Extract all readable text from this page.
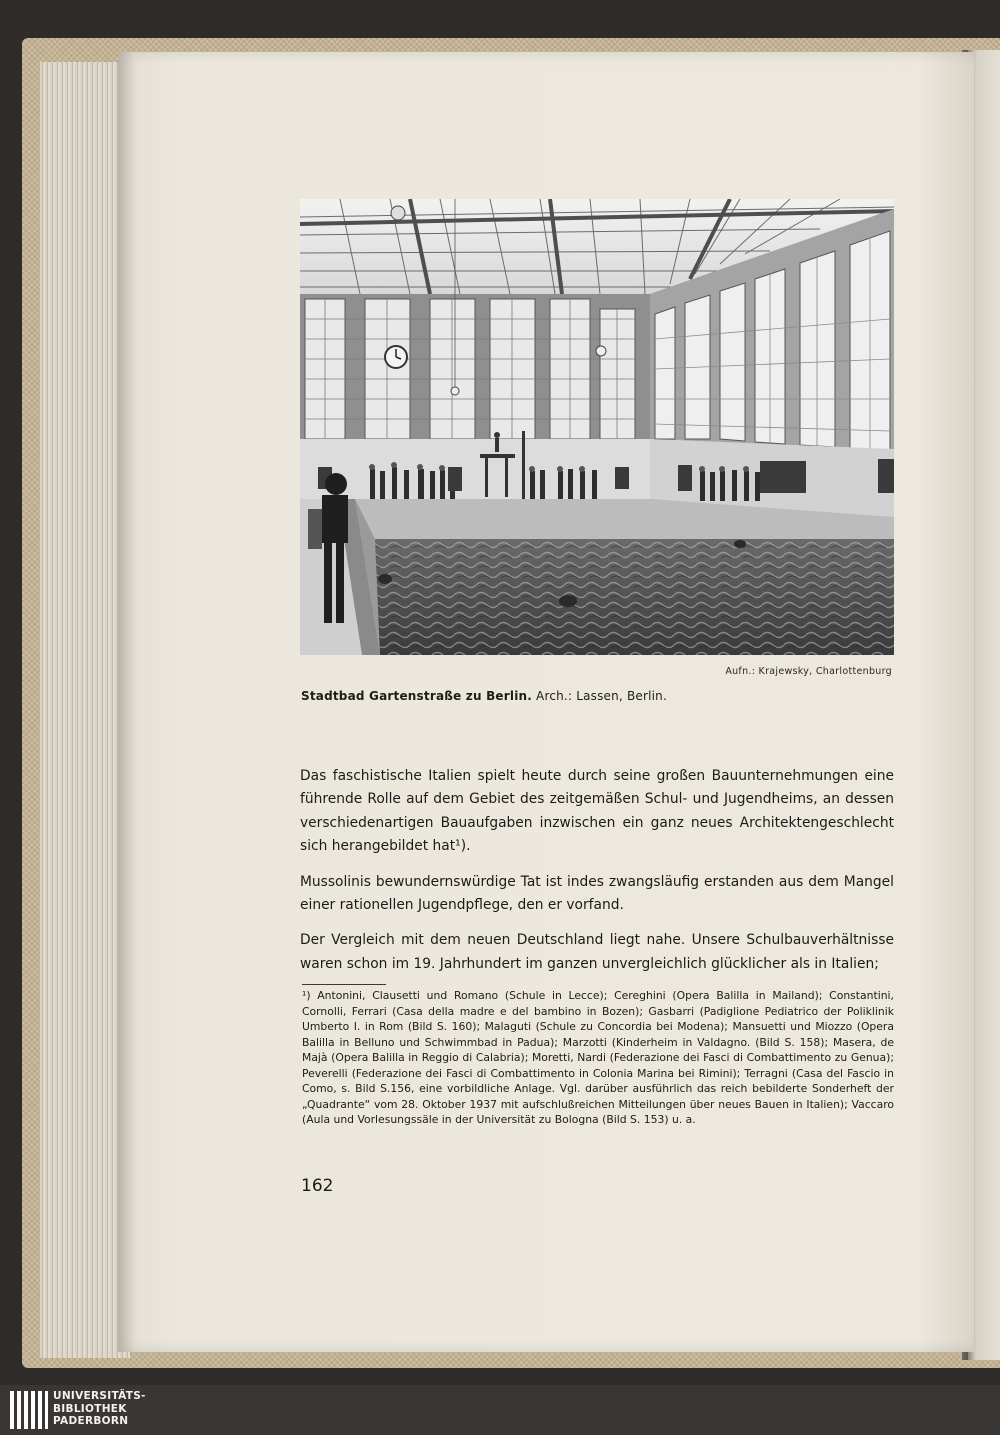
Aufn.: Krajewsky, Charlottenburg
Stadtbad Gartenstraße zu Berlin. Arch.: Lassen, Berlin.

Das faschistische Italien spielt heute durch seine großen Bauunternehmungen eine führende Rolle auf dem Gebiet des zeitgemäßen Schul- und Jugendheims, an dessen verschiedenartigen Bauaufgaben inzwischen ein ganz neues Architektengeschlecht sich herangebildet hat¹).

Mussolinis bewundernswürdige Tat ist indes zwangsläufig erstanden aus dem Mangel einer rationellen Jugendpflege, den er vorfand.

Der Vergleich mit dem neuen Deutschland liegt nahe. Unsere Schulbauverhältnisse waren schon im 19. Jahrhundert im ganzen unvergleichlich glücklicher als in Italien;

¹) Antonini, Clausetti und Romano (Schule in Lecce); Cereghini (Opera Balilla in Mailand); Constantini, Cornolli, Ferrari (Casa della madre e del bambino in Bozen); Gasbarri (Padiglione Pediatrico der Poliklinik Umberto I. in Rom (Bild S. 160); Malaguti (Schule zu Concordia bei Modena); Mansuetti und Miozzo (Opera Balilla in Belluno und Schwimmbad in Padua); Marzotti (Kinderheim in Valdagno. (Bild S. 158); Masera, de Majà (Opera Balilla in Reggio di Calabria); Moretti, Nardi (Federazione dei Fasci di Combattimento zu Genua); Peverelli (Federazione dei Fasci di Combattimento in Colonia Marina bei Rimini); Terragni (Casa del Fascio in Como, s. Bild S.156, eine vorbildliche Anlage. Vgl. darüber ausführlich das reich bebilderte Sonderheft der „Quadrante“ vom 28. Oktober 1937 mit aufschlußreichen Mitteilungen über neues Bauen in Italien); Vaccaro (Aula und Vorlesungssäle in der Universität zu Bologna (Bild S. 153) u. a.
162
UNIVERSITÄTS-
BIBLIOTHEK
PADERBORN
